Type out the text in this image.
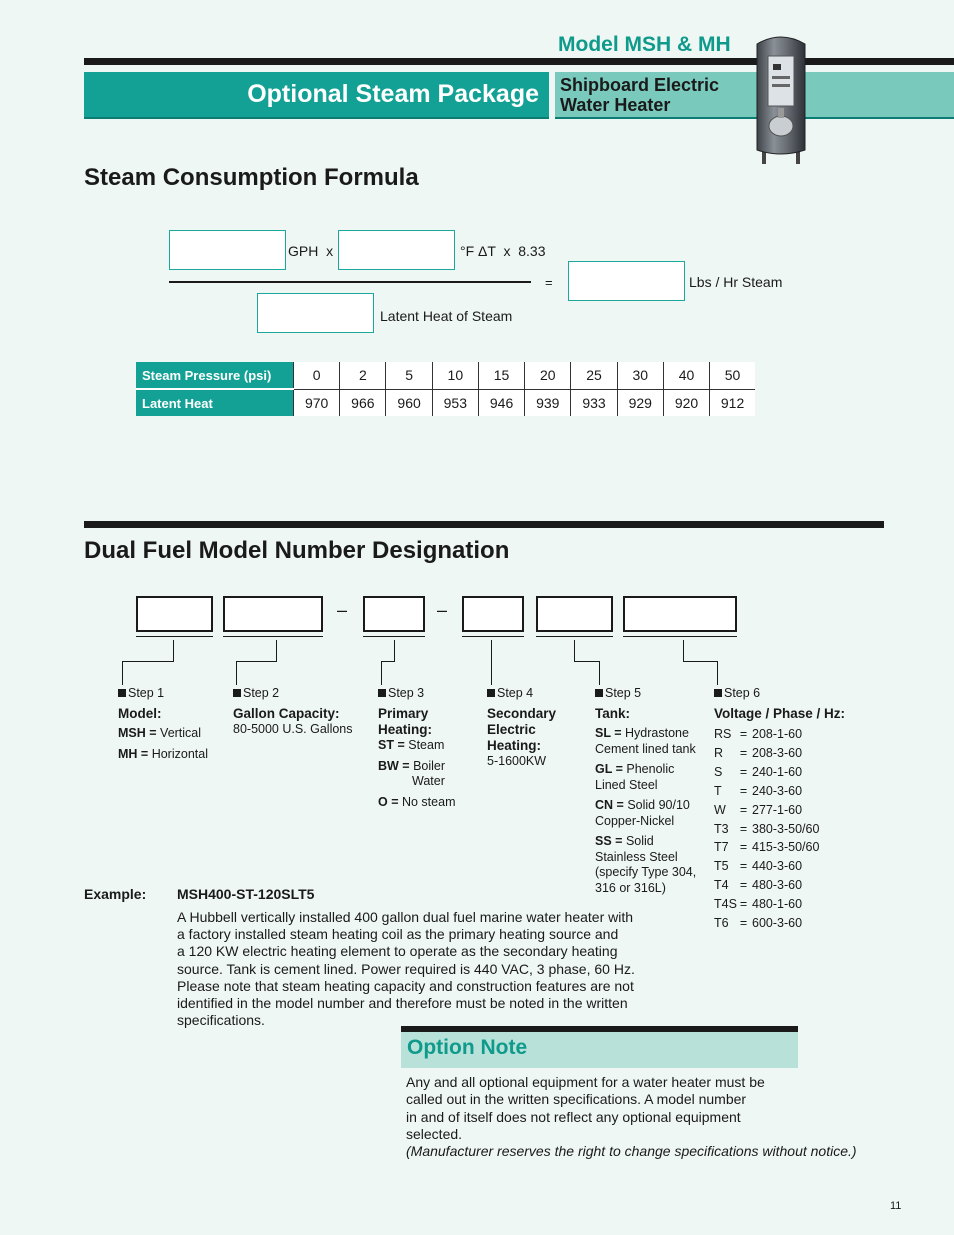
Model MSH & MH
Optional Steam Package Shipboard Electric
Water Heater
Steam Consumption Formula
GPH  x	°F ΔT  x  8.33
=	Lbs / Hr Steam
Latent Heat of Steam
Steam Pressure (psi)	0	2	5	10	15	20	25	30	40	50
Latent Heat	970	966	960	953	946	939	933	929	920	912
Dual Fuel Model Number Designation
–	–
Step 1
Model:
MSH = Vertical
MH = Horizontal
Step 2
Gallon Capacity:
80-5000 U.S. Gallons
Step 3
Primary
Heating:
ST = Steam
BW = Boiler
Water
O = No steam
Step 4
Secondary
Electric
Heating:
5-1600KW
Step 5
Tank:
SL = Hydrastone
Cement lined tank
GL = Phenolic
Lined Steel
CN = Solid 90/10
Copper-Nickel
SS = Solid
Stainless Steel
(specify Type 304,
316 or 316L)
Step 6
Voltage / Phase / Hz:
RS = 208-1-60
R	= 208-3-60
S	= 240-1-60
T	= 240-3-60
W	= 277-1-60
T3 = 380-3-50/60
T7 = 415-3-50/60
T5 = 440-3-60
T4 = 480-3-60
T4S = 480-1-60
T6 = 600-3-60
Example: MSH400-ST-120SLT5
A Hubbell vertically installed 400 gallon dual fuel marine water heater with
a factory installed steam heating coil as the primary heating source and
a 120 KW electric heating element to operate as the secondary heating
source. Tank is cement lined. Power required is 440 VAC, 3 phase, 60 Hz.
Please note that steam heating capacity and construction features are not
identified in the model number and therefore must be noted in the written
specifications.
Option Note
Any and all optional equipment for a water heater must be
called out in the written specifications. A model number
in and of itself does not reflect any optional equipment
selected.
(Manufacturer reserves the right to change specifications without notice.)
11
